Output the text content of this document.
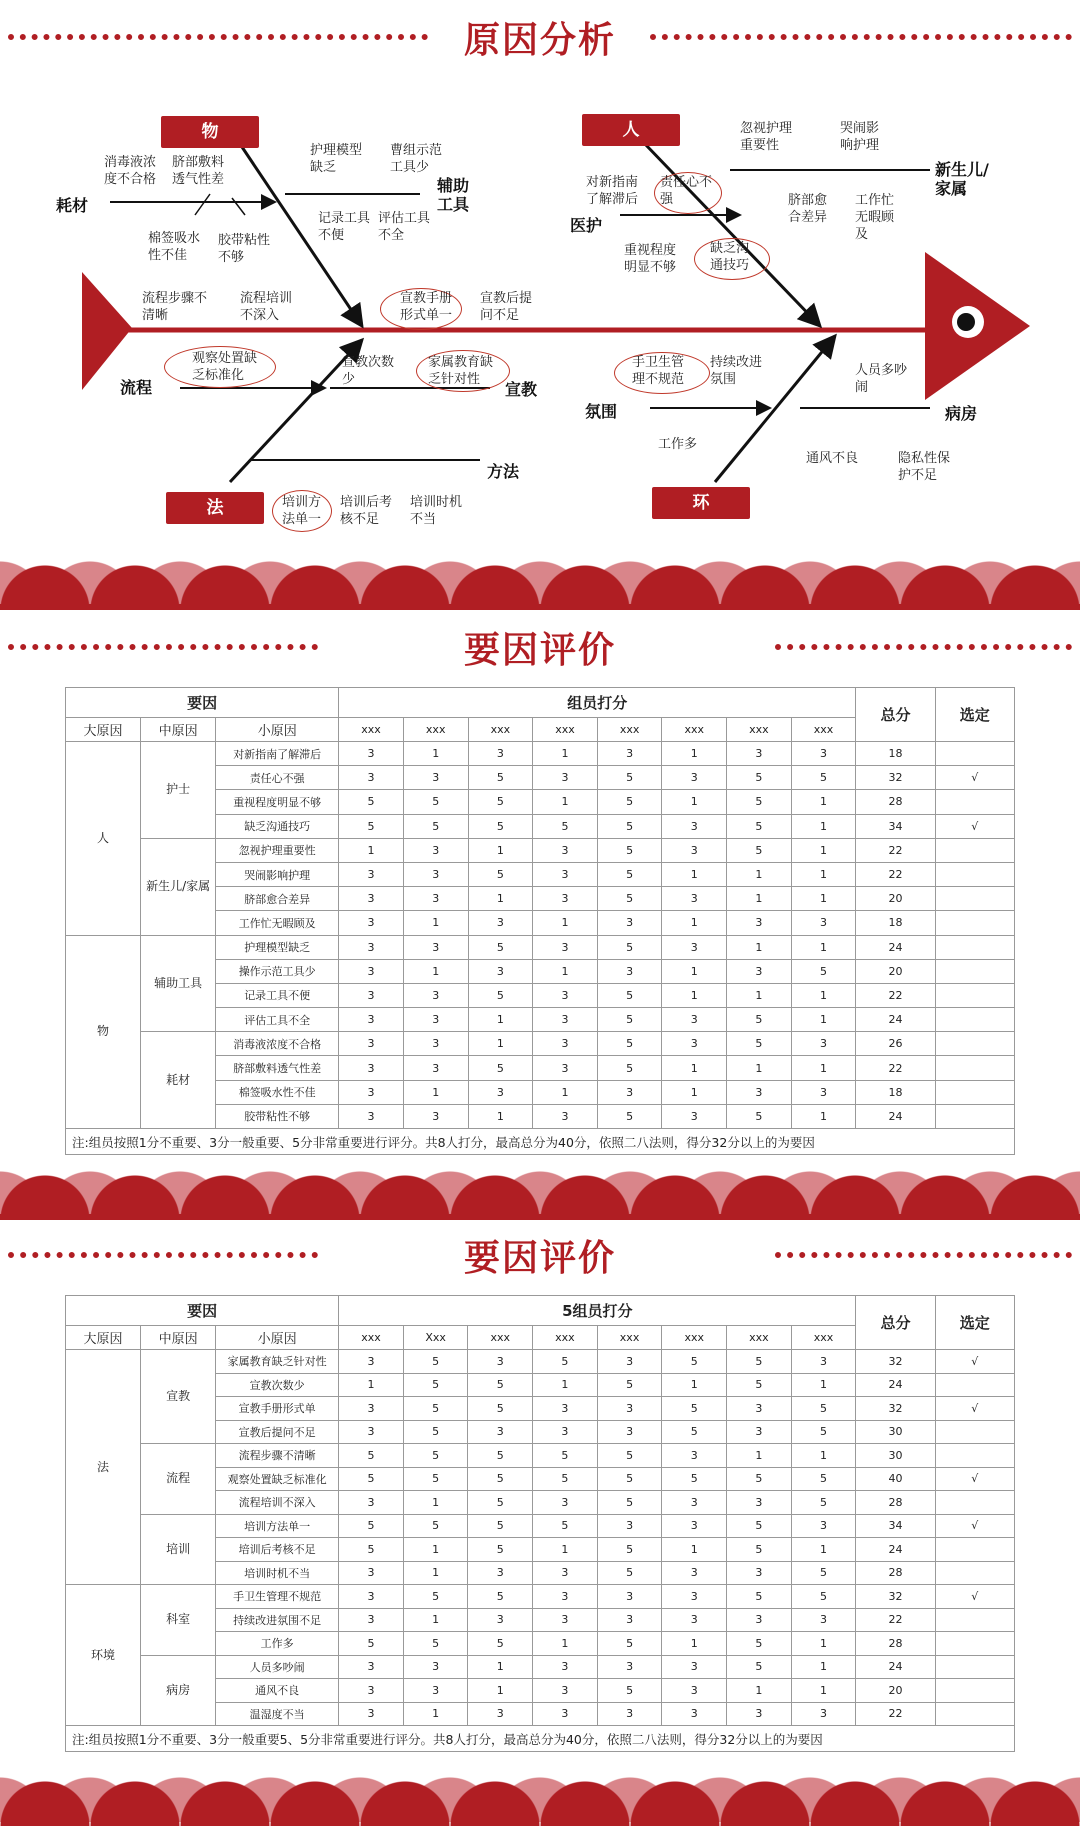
原因分析
物	人
法	环
耗材
辅助
工具
流程	宣教
方法
医护
新生儿/
家属
氛围	病房
消毒液浓
度不合格
脐部敷料
透气性差
棉签吸水
性不佳
胶带粘性
不够
护理模型
缺乏
曹组示范
工具少
记录工具
不便
评估工具
不全
流程步骤不
清晰
流程培训
不深入
观察处置缺
乏标准化
宣教手册
形式单一
宣教后提
问不足
宣教次数
少
家属教育缺
乏针对性
培训方
法单一
培训后考
核不足
培训时机
不当
对新指南
了解滞后
责任心不
强
重视程度
明显不够
缺乏沟
通技巧
忽视护理
重要性
哭闹影
响护理
脐部愈
合差异
工作忙
无暇顾
及
手卫生管
理不规范
持续改进
氛围
工作多
人员多吵
闹
通风不良	隐私性保
护不足
要因评价
要因			组员打分								总分	选定
大原因	中原因	小原因	xxx	xxx	xxx	xxx	xxx	xxx	xxx	xxx		
人	护士	对新指南了解滞后	3	1	3	1	3	1	3	3	18	
		责任心不强	3	3	5	3	5	3	5	5	32	√
		重视程度明显不够	5	5	5	1	5	1	5	1	28	
		缺乏沟通技巧	5	5	5	5	5	3	5	1	34	√
	新生儿/家属	忽视护理重要性	1	3	1	3	5	3	5	1	22	
		哭闹影响护理	3	3	5	3	5	1	1	1	22	
		脐部愈合差异	3	3	1	3	5	3	1	1	20	
		工作忙无暇顾及	3	1	3	1	3	1	3	3	18	
物	辅助工具	护理模型缺乏	3	3	5	3	5	3	1	1	24	
		操作示范工具少	3	1	3	1	3	1	3	5	20	
		记录工具不便	3	3	5	3	5	1	1	1	22	
		评估工具不全	3	3	1	3	5	3	5	1	24	
	耗材	消毒液浓度不合格	3	3	1	3	5	3	5	3	26	
		脐部敷料透气性差	3	3	5	3	5	1	1	1	22	
		棉签吸水性不佳	3	1	3	1	3	1	3	3	18	
		胶带粘性不够	3	3	1	3	5	3	5	1	24	
注:组员按照1分不重要、3分一般重要、5分非常重要进行评分。共8人打分，最高总分为40分，依照二八法则，得分32分以上的为要因												
要因评价
要因			5组员打分								总分	选定
大原因	中原因	小原因	xxx	Xxx	xxx	xxx	xxx	xxx	xxx	xxx		
法	宣教	家属教育缺乏针对性	3	5	3	5	3	5	5	3	32	√
		宣教次数少	1	5	5	1	5	1	5	1	24	
		宣教手册形式单	3	5	5	3	3	5	3	5	32	√
		宣教后提问不足	3	5	3	3	3	5	3	5	30	
	流程	流程步骤不清晰	5	5	5	5	5	3	1	1	30	
		观察处置缺乏标准化	5	5	5	5	5	5	5	5	40	√
		流程培训不深入	3	1	5	3	5	3	3	5	28	
	培训	培训方法单一	5	5	5	5	3	3	5	3	34	√
		培训后考核不足	5	1	5	1	5	1	5	1	24	
		培训时机不当	3	1	3	3	5	3	3	5	28	
环境	科室	手卫生管理不规范	3	5	5	3	3	3	5	5	32	√
		持续改进氛围不足	3	1	3	3	3	3	3	3	22	
		工作多	5	5	5	1	5	1	5	1	28	
	病房	人员多吵闹	3	3	1	3	3	3	5	1	24	
		通风不良	3	3	1	3	5	3	1	1	20	
		温湿度不当	3	1	3	3	3	3	3	3	22	
注:组员按照1分不重要、3分一般重要5、5分非常重要进行评分。共8人打分，最高总分为40分，依照二八法则，得分32分以上的为要因												
